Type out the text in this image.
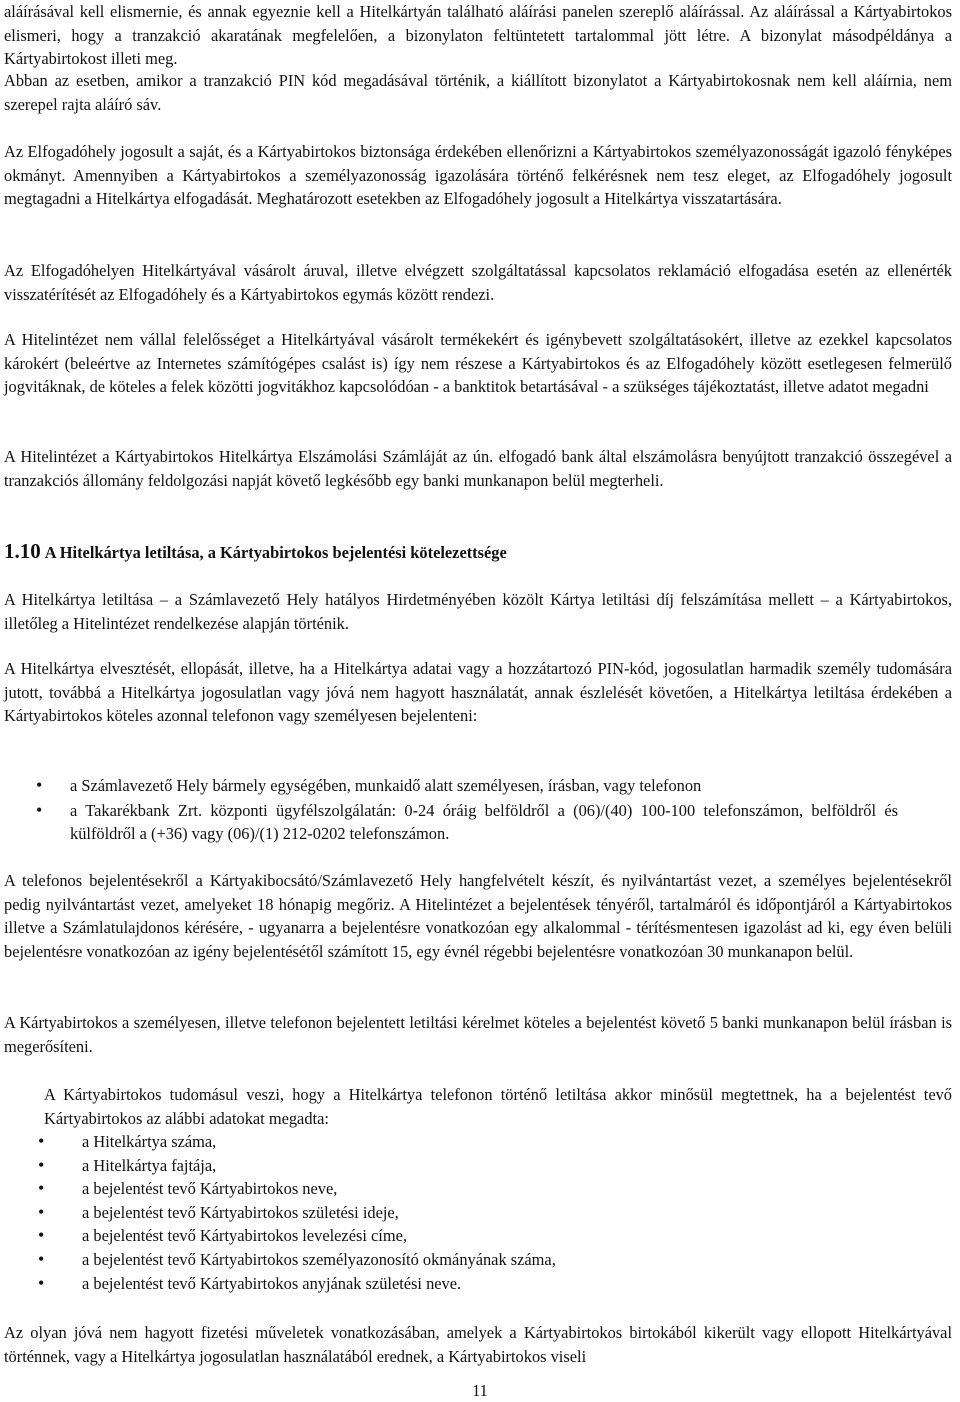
aláírásával kell elismernie, és annak egyeznie kell a Hitelkártyán található aláírási panelen szereplő aláírással. Az aláírással a Kártyabirtokos elismeri, hogy a tranzakció akaratának megfelelően, a bizonylaton feltüntetett tartalommal jött létre. A bizonylat másodpéldánya a Kártyabirtokost illeti meg.

Abban az esetben, amikor a tranzakció PIN kód megadásával történik, a kiállított bizonylatot a Kártyabirtokosnak nem kell aláírnia, nem szerepel rajta aláíró sáv.

Az Elfogadóhely jogosult a saját, és a Kártyabirtokos biztonsága érdekében ellenőrizni a Kártyabirtokos személyazonosságát igazoló fényképes okmányt. Amennyiben a Kártyabirtokos a személyazonosság igazolására történő felkérésnek nem tesz eleget, az Elfogadóhely jogosult megtagadni a Hitelkártya elfogadását. Meghatározott esetekben az Elfogadóhely jogosult a Hitelkártya visszatartására.

Az Elfogadóhelyen Hitelkártyával vásárolt áruval, illetve elvégzett szolgáltatással kapcsolatos reklamáció elfogadása esetén az ellenérték visszatérítését az Elfogadóhely és a Kártyabirtokos egymás között rendezi.

A Hitelintézet nem vállal felelősséget a Hitelkártyával vásárolt termékekért és igénybevett szolgáltatásokért, illetve az ezekkel kapcsolatos károkért (beleértve az Internetes számítógépes csalást is) így nem részese a Kártyabirtokos és az Elfogadóhely között esetlegesen felmerülő jogvitáknak, de köteles a felek közötti jogvitákhoz kapcsolódóan - a banktitok betartásával - a szükséges tájékoztatást, illetve adatot megadni

A Hitelintézet a Kártyabirtokos Hitelkártya Elszámolási Számláját az ún. elfogadó bank által elszámolásra benyújtott tranzakció összegével a tranzakciós állomány feldolgozási napját követő legkésőbb egy banki munkanapon belül megterheli.

1.10 A Hitelkártya letiltása, a Kártyabirtokos bejelentési kötelezettsége

A Hitelkártya letiltása – a Számlavezető Hely hatályos Hirdetményében közölt Kártya letiltási díj felszámítása mellett – a Kártyabirtokos, illetőleg a Hitelintézet rendelkezése alapján történik.

A Hitelkártya elvesztését, ellopását, illetve, ha a Hitelkártya adatai vagy a hozzátartozó PIN-kód, jogosulatlan harmadik személy tudomására jutott, továbbá a Hitelkártya jogosulatlan vagy jóvá nem hagyott használatát, annak észlelését követően, a Hitelkártya letiltása érdekében a Kártyabirtokos köteles azonnal telefonon vagy személyesen bejelenteni:

• a Számlavezető Hely bármely egységében, munkaidő alatt személyesen, írásban, vagy telefonon
• a Takarékbank Zrt. központi ügyfélszolgálatán: 0-24 óráig belföldről a (06)/(40) 100-100 telefonszámon, belföldről és külföldről a (+36) vagy (06)/(1) 212-0202 telefonszámon.

A telefonos bejelentésekről a Kártyakibocsátó/Számlavezető Hely hangfelvételt készít, és nyilvántartást vezet, a személyes bejelentésekről pedig nyilvántartást vezet, amelyeket 18 hónapig megőriz. A Hitelintézet a bejelentések tényéről, tartalmáról és időpontjáról a Kártyabirtokos illetve a Számlatulajdonos kérésére, - ugyanarra a bejelentésre vonatkozóan egy alkalommal - térítésmentesen igazolást ad ki, egy éven belüli bejelentésre vonatkozóan az igény bejelentésétől számított 15, egy évnél régebbi bejelentésre vonatkozóan 30 munkanapon belül.

A Kártyabirtokos a személyesen, illetve telefonon bejelentett letiltási kérelmet köteles a bejelentést követő 5 banki munkanapon belül írásban is megerősíteni.

A Kártyabirtokos tudomásul veszi, hogy a Hitelkártya telefonon történő letiltása akkor minősül megtettnek, ha a bejelentést tevő Kártyabirtokos az alábbi adatokat megadta:

• a Hitelkártya száma,
• a Hitelkártya fajtája,
• a bejelentést tevő Kártyabirtokos neve,
• a bejelentést tevő Kártyabirtokos születési ideje,
• a bejelentést tevő Kártyabirtokos levelezési címe,
• a bejelentést tevő Kártyabirtokos személyazonosító okmányának száma,
• a bejelentést tevő Kártyabirtokos anyjának születési neve.

Az olyan jóvá nem hagyott fizetési műveletek vonatkozásában, amelyek a Kártyabirtokos birtokából kikerült vagy ellopott Hitelkártyával történnek, vagy a Hitelkártya jogosulatlan használatából erednek, a Kártyabirtokos viseli

11
